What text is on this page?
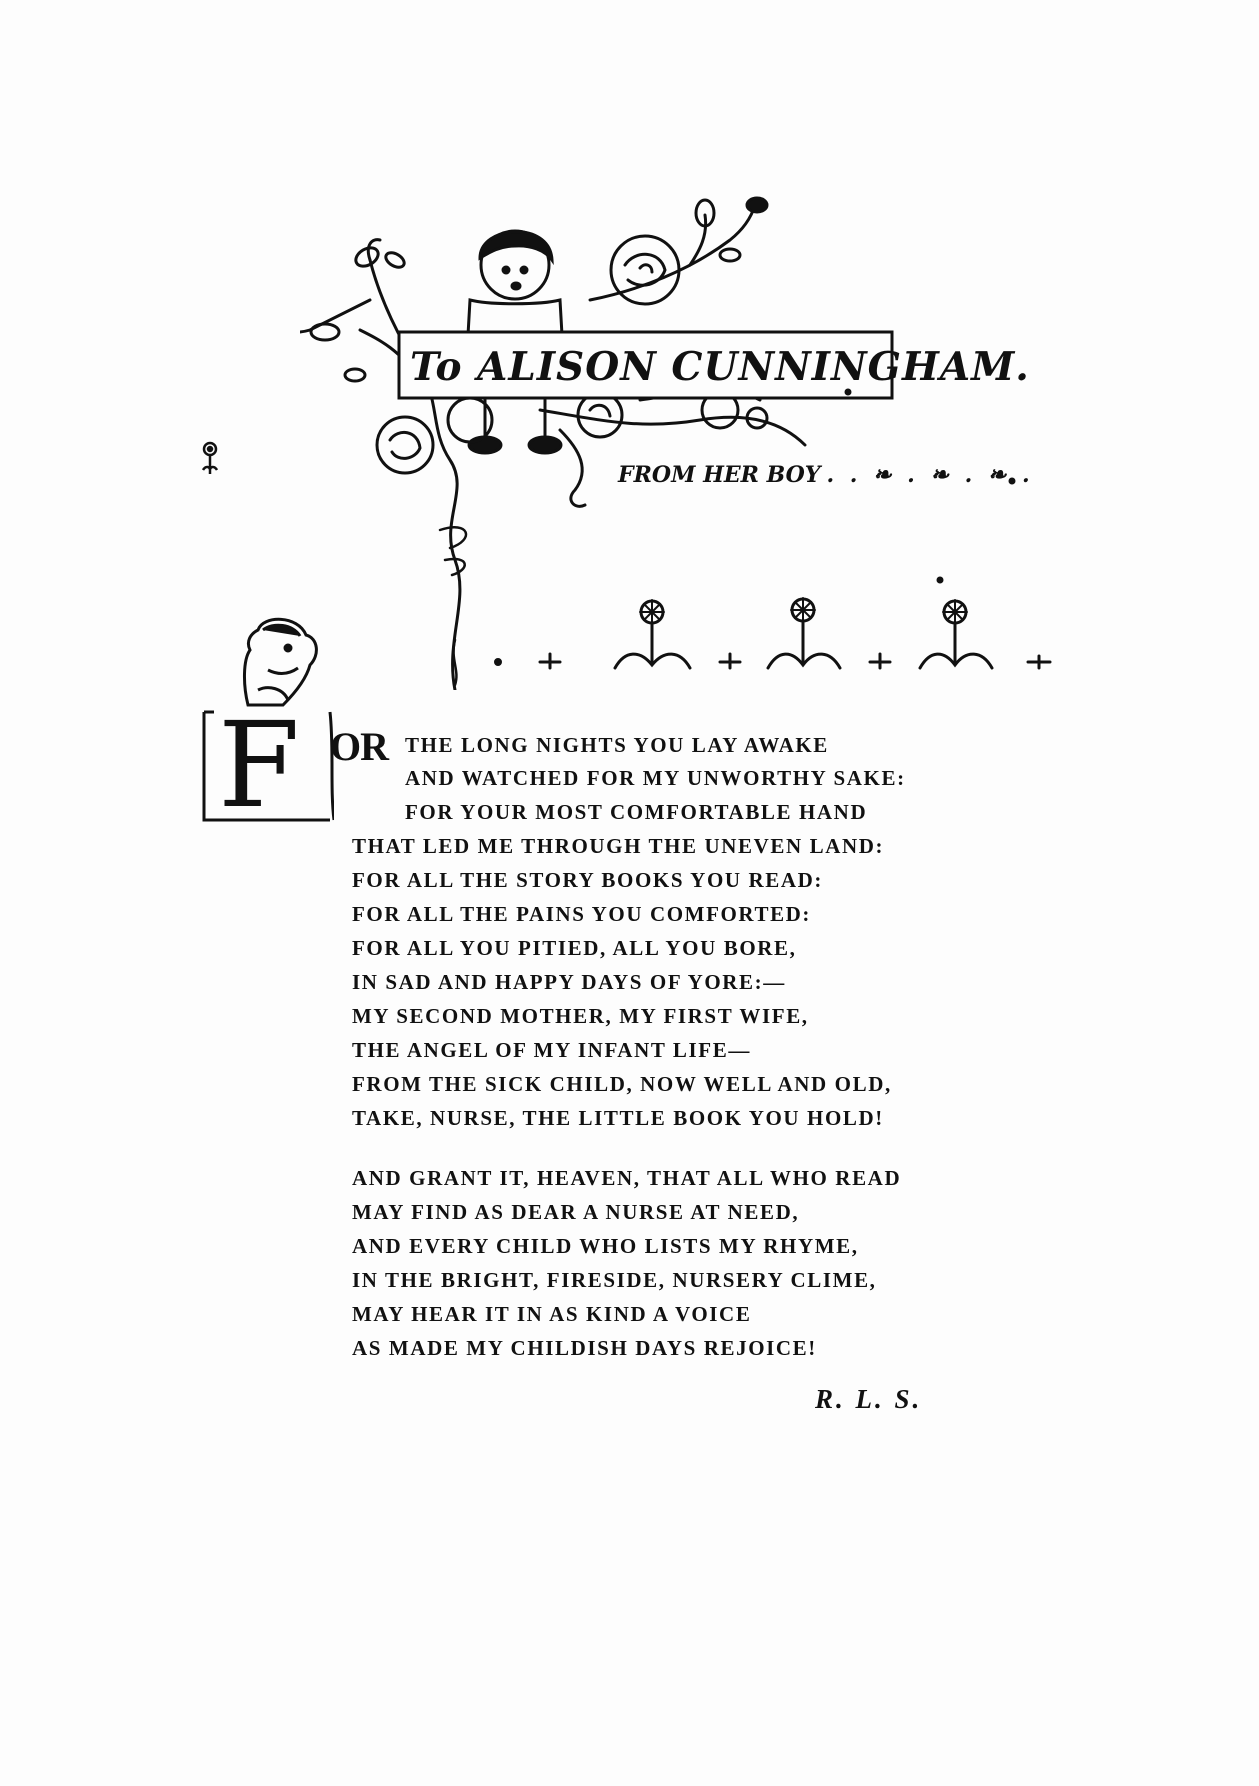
To ALISON CUNNINGHAM.
FROM HER BOY . . ❧ . ❧ . ❧ .
F OR THE LONG NIGHTS YOU LAY AWAKE
AND WATCHED FOR MY UNWORTHY SAKE:
FOR YOUR MOST COMFORTABLE HAND
THAT LED ME THROUGH THE UNEVEN LAND:
FOR ALL THE STORY BOOKS YOU READ:
FOR ALL THE PAINS YOU COMFORTED:
FOR ALL YOU PITIED, ALL YOU BORE,
IN SAD AND HAPPY DAYS OF YORE:—
MY SECOND MOTHER, MY FIRST WIFE,
THE ANGEL OF MY INFANT LIFE—
FROM THE SICK CHILD, NOW WELL AND OLD,
TAKE, NURSE, THE LITTLE BOOK YOU HOLD!
AND GRANT IT, HEAVEN, THAT ALL WHO READ
MAY FIND AS DEAR A NURSE AT NEED,
AND EVERY CHILD WHO LISTS MY RHYME,
IN THE BRIGHT, FIRESIDE, NURSERY CLIME,
MAY HEAR IT IN AS KIND A VOICE
AS MADE MY CHILDISH DAYS REJOICE!
R. L. S.
